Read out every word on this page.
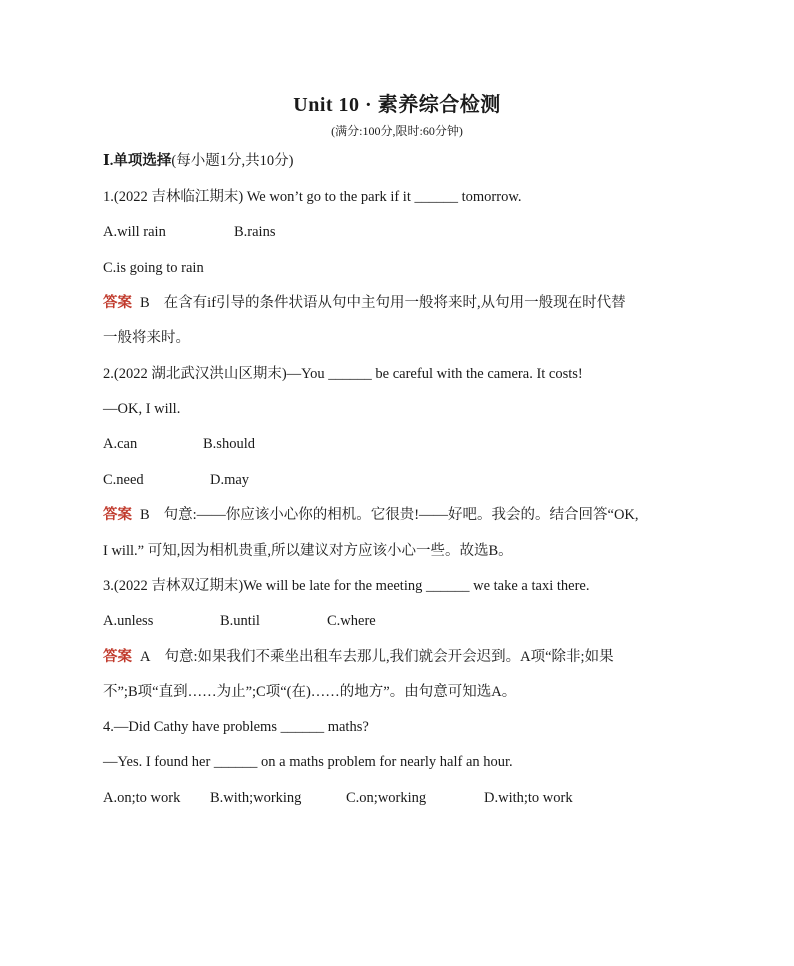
Unit 10 · 素养综合检测
(满分:100分,限时:60分钟)
Ⅰ.单项选择(每小题1分,共10分)
1.(2022 吉林临江期末) We won’t go to the park if it ______ tomorrow.
A.will rain	B.rains
C.is going to rain
答案 B 在含有if引导的条件状语从句中主句用一般将来时,从句用一般现在时代替
一般将来时。
2.(2022 湖北武汉洪山区期末)—You ______ be careful with the camera. It costs!
—OK, I will.
A.can	B.should
C.need	D.may
答案 B 句意:——你应该小心你的相机。它很贵!——好吧。我会的。结合回答“OK,
I will.” 可知,因为相机贵重,所以建议对方应该小心一些。故选B。
3.(2022 吉林双辽期末)We will be late for the meeting ______ we take a taxi there.
A.unless	B.until	C.where
答案 A 句意:如果我们不乘坐出租车去那儿,我们就会开会迟到。A项“除非;如果
不”;B项“直到……为止”;C项“(在)……的地方”。由句意可知选A。
4.—Did Cathy have problems ______ maths?
—Yes. I found her ______ on a maths problem for nearly half an hour.
A.on;to work B.with;working	C.on;working	D.with;to work
